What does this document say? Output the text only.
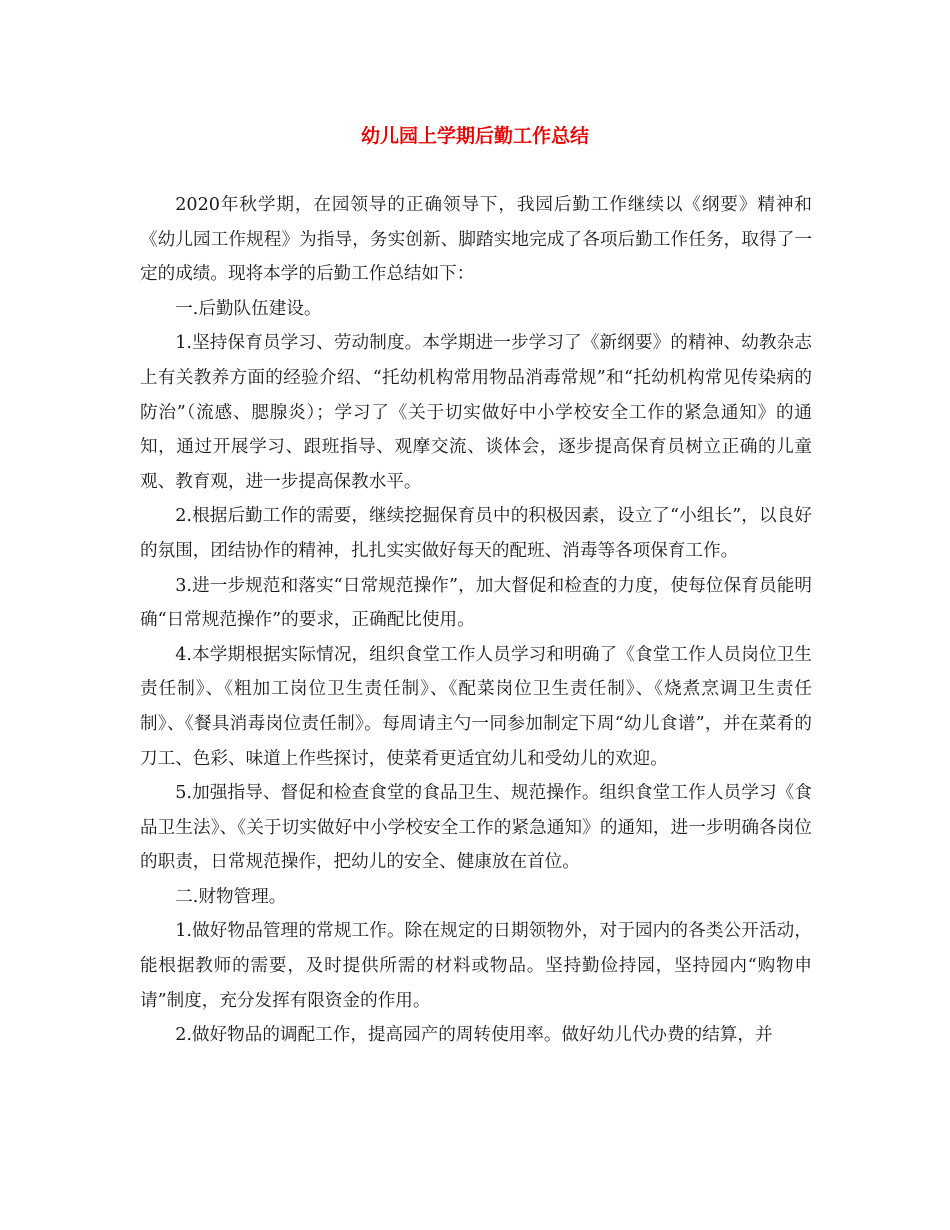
幼儿园上学期后勤工作总结

2020年秋学期，在园领导的正确领导下，我园后勤工作继续以《纲要》精神和《幼儿园工作规程》为指导，务实创新、脚踏实地完成了各项后勤工作任务，取得了一定的成绩。现将本学的后勤工作总结如下：

一.后勤队伍建设。

1.坚持保育员学习、劳动制度。本学期进一步学习了《新纲要》的精神、幼教杂志上有关教养方面的经验介绍、“托幼机构常用物品消毒常规”和“托幼机构常见传染病的防治”（流感、腮腺炎）；学习了《关于切实做好中小学校安全工作的紧急通知》的通知，通过开展学习、跟班指导、观摩交流、谈体会，逐步提高保育员树立正确的儿童观、教育观，进一步提高保教水平。

2.根据后勤工作的需要，继续挖掘保育员中的积极因素，设立了“小组长”，以良好的氛围，团结协作的精神，扎扎实实做好每天的配班、消毒等各项保育工作。

3.进一步规范和落实“日常规范操作”，加大督促和检查的力度，使每位保育员能明确“日常规范操作”的要求，正确配比使用。

4.本学期根据实际情况，组织食堂工作人员学习和明确了《食堂工作人员岗位卫生责任制》、《粗加工岗位卫生责任制》、《配菜岗位卫生责任制》、《烧煮烹调卫生责任制》、《餐具消毒岗位责任制》。每周请主勺一同参加制定下周“幼儿食谱”，并在菜肴的刀工、色彩、味道上作些探讨，使菜肴更适宜幼儿和受幼儿的欢迎。

5.加强指导、督促和检查食堂的食品卫生、规范操作。组织食堂工作人员学习《食品卫生法》、《关于切实做好中小学校安全工作的紧急通知》的通知，进一步明确各岗位的职责，日常规范操作，把幼儿的安全、健康放在首位。

二.财物管理。

1.做好物品管理的常规工作。除在规定的日期领物外，对于园内的各类公开活动，能根据教师的需要，及时提供所需的材料或物品。坚持勤俭持园，坚持园内“购物申请”制度，充分发挥有限资金的作用。

2.做好物品的调配工作，提高园产的周转使用率。做好幼儿代办费的结算，并
